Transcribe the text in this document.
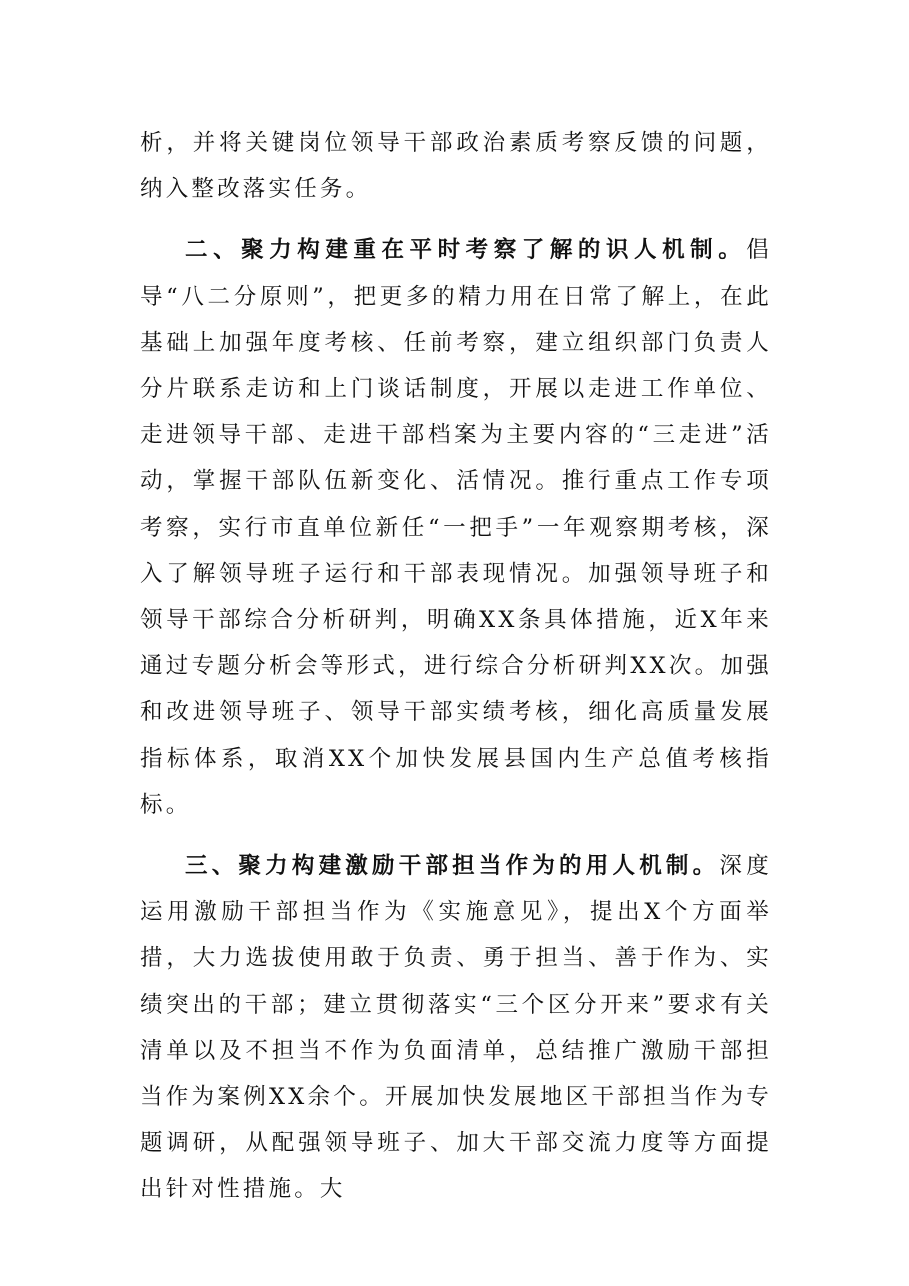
析，并将关键岗位领导干部政治素质考察反馈的问题，纳入整改落实任务。

二、聚力构建重在平时考察了解的识人机制。倡导“八二分原则”，把更多的精力用在日常了解上，在此基础上加强年度考核、任前考察，建立组织部门负责人分片联系走访和上门谈话制度，开展以走进工作单位、走进领导干部、走进干部档案为主要内容的“三走进”活动，掌握干部队伍新变化、活情况。推行重点工作专项考察，实行市直单位新任“一把手”一年观察期考核，深入了解领导班子运行和干部表现情况。加强领导班子和领导干部综合分析研判，明确XX条具体措施，近X年来通过专题分析会等形式，进行综合分析研判XX次。加强和改进领导班子、领导干部实绩考核，细化高质量发展指标体系，取消XX个加快发展县国内生产总值考核指标。

三、聚力构建激励干部担当作为的用人机制。深度运用激励干部担当作为《实施意见》，提出X个方面举措，大力选拔使用敢于负责、勇于担当、善于作为、实绩突出的干部；建立贯彻落实“三个区分开来”要求有关清单以及不担当不作为负面清单，总结推广激励干部担当作为案例XX余个。开展加快发展地区干部担当作为专题调研，从配强领导班子、加大干部交流力度等方面提出针对性措施。大
